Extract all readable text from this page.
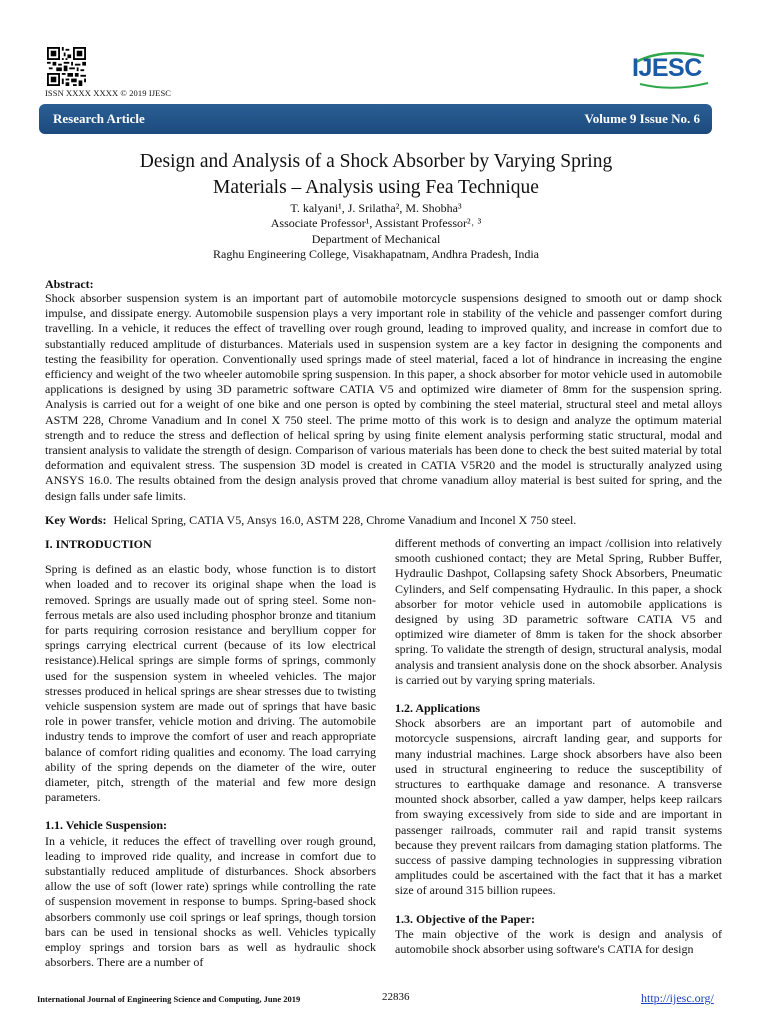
ISSN XXXX XXXX © 2019 IJESC
IJESC
Research Article	Volume 9 Issue No. 6
Design and Analysis of a Shock Absorber by Varying Spring
Materials – Analysis using Fea Technique
T. kalyani¹, J. Srilatha², M. Shobha³
Associate Professor¹, Assistant Professor²˒ ³
Department of Mechanical
Raghu Engineering College, Visakhapatnam, Andhra Pradesh, India
Abstract:
Shock absorber suspension system is an important part of automobile motorcycle suspensions designed to smooth out or damp shock impulse, and dissipate energy. Automobile suspension plays a very important role in stability of the vehicle and passenger comfort during travelling. In a vehicle, it reduces the effect of travelling over rough ground, leading to improved quality, and increase in comfort due to substantially reduced amplitude of disturbances. Materials used in suspension system are a key factor in designing the components and testing the feasibility for operation. Conventionally used springs made of steel material, faced a lot of hindrance in increasing the engine efficiency and weight of the two wheeler automobile spring suspension. In this paper, a shock absorber for motor vehicle used in automobile applications is designed by using 3D parametric software CATIA V5 and optimized wire diameter of 8mm for the suspension spring. Analysis is carried out for a weight of one bike and one person is opted by combining the steel material, structural steel and metal alloys ASTM 228, Chrome Vanadium and In conel X 750 steel. The prime motto of this work is to design and analyze the optimum material strength and to reduce the stress and deflection of helical spring by using finite element analysis performing static structural, modal and transient analysis to validate the strength of design. Comparison of various materials has been done to check the best suited material by total deformation and equivalent stress. The suspension 3D model is created in CATIA V5R20 and the model is structurally analyzed using ANSYS 16.0. The results obtained from the design analysis proved that chrome vanadium alloy material is best suited for spring, and the design falls under safe limits.
Key Words: Helical Spring, CATIA V5, Ansys 16.0, ASTM 228, Chrome Vanadium and Inconel X 750 steel.
I. INTRODUCTION
Spring is defined as an elastic body, whose function is to distort when loaded and to recover its original shape when the load is removed. Springs are usually made out of spring steel. Some non-ferrous metals are also used including phosphor bronze and titanium for parts requiring corrosion resistance and beryllium copper for springs carrying electrical current (because of its low electrical resistance).Helical springs are simple forms of springs, commonly used for the suspension system in wheeled vehicles. The major stresses produced in helical springs are shear stresses due to twisting vehicle suspension system are made out of springs that have basic role in power transfer, vehicle motion and driving. The automobile industry tends to improve the comfort of user and reach appropriate balance of comfort riding qualities and economy. The load carrying ability of the spring depends on the diameter of the wire, outer diameter, pitch, strength of the material and few more design parameters.
1.1. Vehicle Suspension:
In a vehicle, it reduces the effect of travelling over rough ground, leading to improved ride quality, and increase in comfort due to substantially reduced amplitude of disturbances. Shock absorbers allow the use of soft (lower rate) springs while controlling the rate of suspension movement in response to bumps. Spring-based shock absorbers commonly use coil springs or leaf springs, though torsion bars can be used in tensional shocks as well. Vehicles typically employ springs and torsion bars as well as hydraulic shock absorbers. There are a number of
different methods of converting an impact /collision into relatively smooth cushioned contact; they are Metal Spring, Rubber Buffer, Hydraulic Dashpot, Collapsing safety Shock Absorbers, Pneumatic Cylinders, and Self compensating Hydraulic. In this paper, a shock absorber for motor vehicle used in automobile applications is designed by using 3D parametric software CATIA V5 and optimized wire diameter of 8mm is taken for the shock absorber spring. To validate the strength of design, structural analysis, modal analysis and transient analysis done on the shock absorber. Analysis is carried out by varying spring materials.
1.2. Applications
Shock absorbers are an important part of automobile and motorcycle suspensions, aircraft landing gear, and supports for many industrial machines. Large shock absorbers have also been used in structural engineering to reduce the susceptibility of structures to earthquake damage and resonance. A transverse mounted shock absorber, called a yaw damper, helps keep railcars from swaying excessively from side to side and are important in passenger railroads, commuter rail and rapid transit systems because they prevent railcars from damaging station platforms. The success of passive damping technologies in suppressing vibration amplitudes could be ascertained with the fact that it has a market size of around 315 billion rupees.
1.3. Objective of the Paper:
The main objective of the work is design and analysis of automobile shock absorber using software's CATIA for design
International Journal of Engineering Science and Computing, June 2019	22836	http://ijesc.org/
